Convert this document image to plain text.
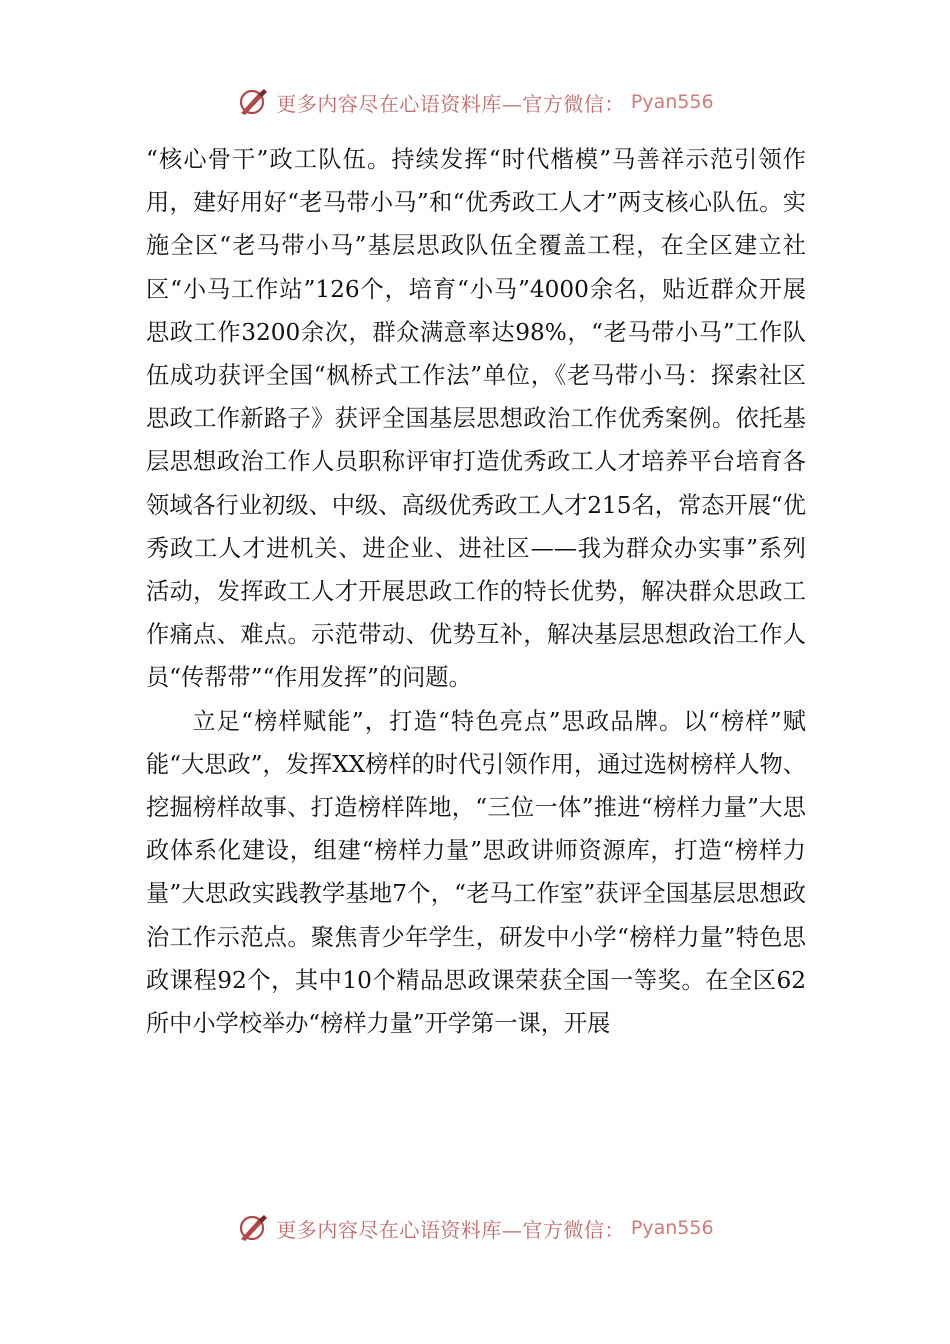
更多内容尽在心语资料库—官方微信： Pyan556

“核心骨干”政工队伍。持续发挥“时代楷模”马善祥示范引领作用，建好用好“老马带小马”和“优秀政工人才”两支核心队伍。实施全区“老马带小马”基层思政队伍全覆盖工程，在全区建立社区“小马工作站”126个，培育“小马”4000余名，贴近群众开展思政工作3200余次，群众满意率达98%，“老马带小马”工作队伍成功获评全国“枫桥式工作法”单位，《老马带小马：探索社区思政工作新路子》获评全国基层思想政治工作优秀案例。依托基层思想政治工作人员职称评审打造优秀政工人才培养平台培育各领域各行业初级、中级、高级优秀政工人才215名，常态开展“优秀政工人才进机关、进企业、进社区——我为群众办实事”系列活动，发挥政工人才开展思政工作的特长优势，解决群众思政工作痛点、难点。示范带动、优势互补，解决基层思想政治工作人员“传帮带”“作用发挥”的问题。

立足“榜样赋能”，打造“特色亮点”思政品牌。以“榜样”赋能“大思政”，发挥XX榜样的时代引领作用，通过选树榜样人物、挖掘榜样故事、打造榜样阵地，“三位一体”推进“榜样力量”大思政体系化建设，组建“榜样力量”思政讲师资源库，打造“榜样力量”大思政实践教学基地7个，“老马工作室”获评全国基层思想政治工作示范点。聚焦青少年学生，研发中小学“榜样力量”特色思政课程92个，其中10个精品思政课荣获全国一等奖。在全区62所中小学校举办“榜样力量”开学第一课，开展

更多内容尽在心语资料库—官方微信： Pyan556
